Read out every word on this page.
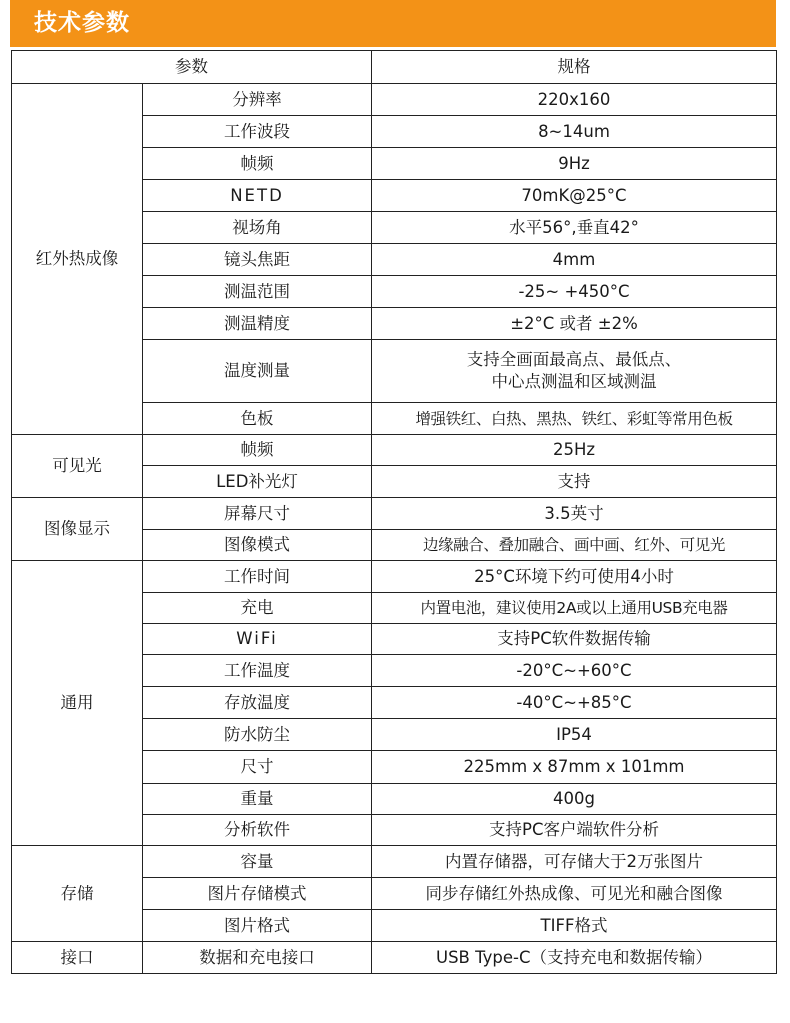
技术参数
参数		规格
红外热成像	分辨率	220x160
	工作波段	8~14um
	帧频	9Hz
	NETD	70mK@25°C
	视场角	水平56°,垂直42°
	镜头焦距	4mm
	测温范围	-25~ +450°C
	测温精度	±2°C 或者 ±2%
	温度测量	支持全画面最高点、最低点、
中心点测温和区域测温

	色板	增强铁红、白热、黑热、铁红、彩虹等常用色板

可见光	帧频	25Hz
	LED补光灯	支持
图像显示	屏幕尺寸	3.5英寸
	图像模式	边缘融合、叠加融合、画中画、红外、可见光
通用	工作时间	25°C环境下约可使用4小时
	充电	内置电池，建议使用2A或以上通用USB充电器
	WiFi	支持PC软件数据传输
	工作温度	-20°C~+60°C
	存放温度	-40°C~+85°C
	防水防尘	IP54
	尺寸	225mm x 87mm x 101mm
	重量	400g
	分析软件	支持PC客户端软件分析
存储	容量	内置存储器，可存储大于2万张图片
	图片存储模式	同步存储红外热成像、可见光和融合图像
	图片格式	TIFF格式
接口	数据和充电接口	USB Type-C（支持充电和数据传输）
